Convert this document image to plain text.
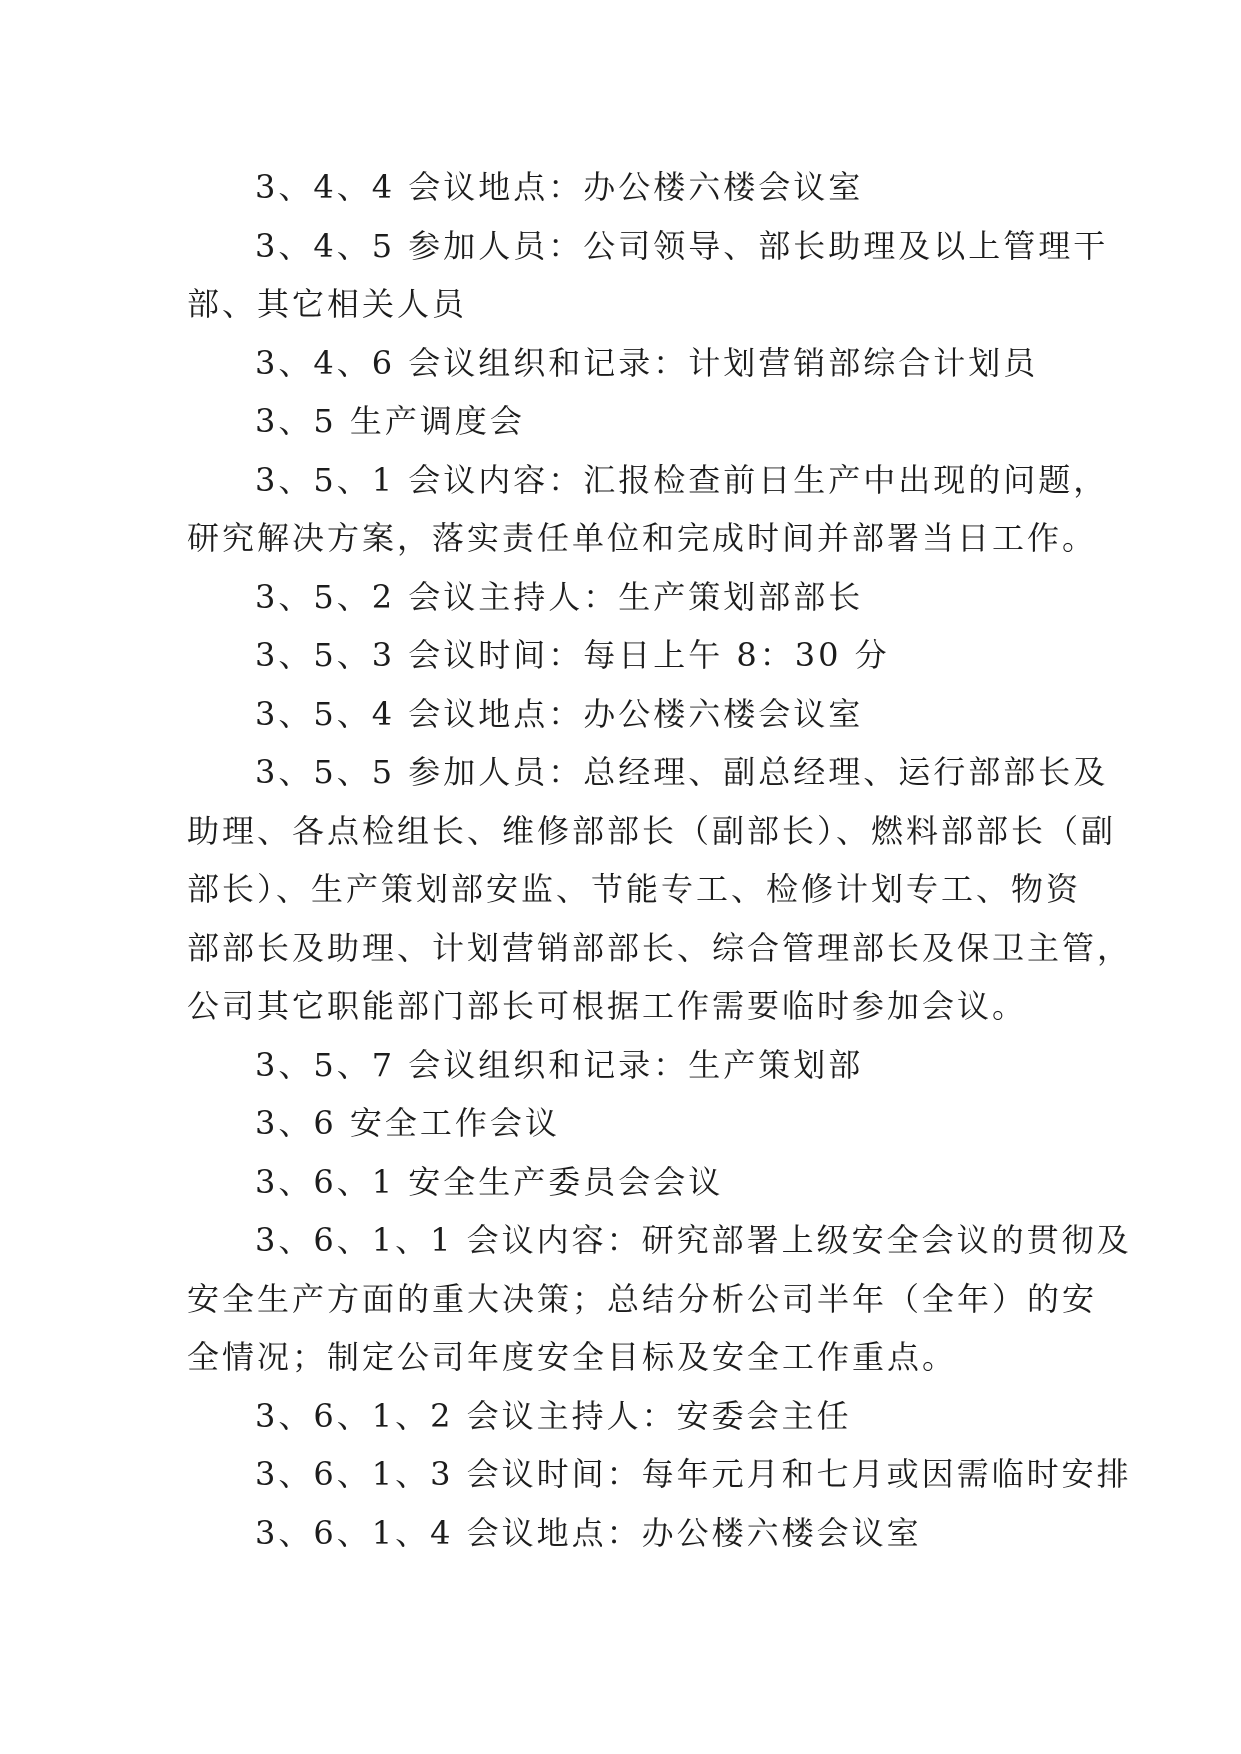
3、4、4 会议地点：办公楼六楼会议室
3、4、5 参加人员：公司领导、部长助理及以上管理干
部、其它相关人员
3、4、6 会议组织和记录：计划营销部综合计划员
3、5 生产调度会
3、5、1 会议内容：汇报检查前日生产中出现的问题，
研究解决方案，落实责任单位和完成时间并部署当日工作。
3、5、2 会议主持人：生产策划部部长
3、5、3 会议时间：每日上午 8：30 分
3、5、4 会议地点：办公楼六楼会议室
3、5、5 参加人员：总经理、副总经理、运行部部长及
助理、各点检组长、维修部部长（副部长）、燃料部部长（副
部长）、生产策划部安监、节能专工、检修计划专工、物资
部部长及助理、计划营销部部长、综合管理部长及保卫主管，
公司其它职能部门部长可根据工作需要临时参加会议。
3、5、7 会议组织和记录：生产策划部
3、6 安全工作会议
3、6、1 安全生产委员会会议
3、6、1、1 会议内容：研究部署上级安全会议的贯彻及
安全生产方面的重大决策；总结分析公司半年（全年）的安
全情况；制定公司年度安全目标及安全工作重点。
3、6、1、2 会议主持人：安委会主任
3、6、1、3 会议时间：每年元月和七月或因需临时安排
3、6、1、4 会议地点：办公楼六楼会议室
